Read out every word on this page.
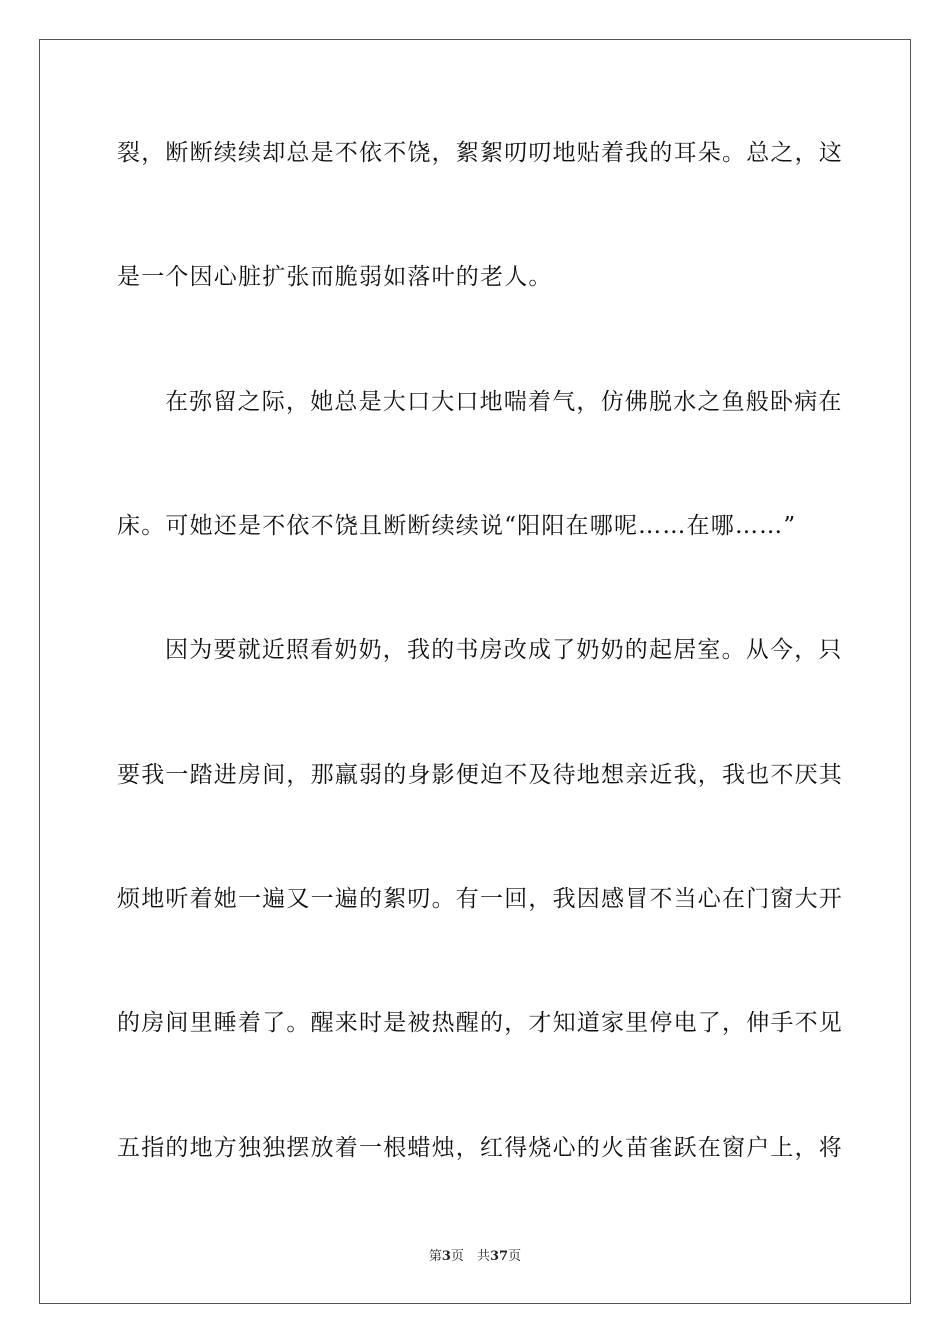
裂，断断续续却总是不依不饶，絮絮叨叨地贴着我的耳朵。总之，这
是一个因心脏扩张而脆弱如落叶的老人。
在弥留之际，她总是大口大口地喘着气，仿佛脱水之鱼般卧病在
床。可她还是不依不饶且断断续续说“阳阳在哪呢……在哪……”
因为要就近照看奶奶，我的书房改成了奶奶的起居室。从今，只
要我一踏进房间，那羸弱的身影便迫不及待地想亲近我，我也不厌其
烦地听着她一遍又一遍的絮叨。有一回，我因感冒不当心在门窗大开
的房间里睡着了。醒来时是被热醒的，才知道家里停电了，伸手不见
五指的地方独独摆放着一根蜡烛，红得烧心的火苗雀跃在窗户上，将
第3页　共37页
